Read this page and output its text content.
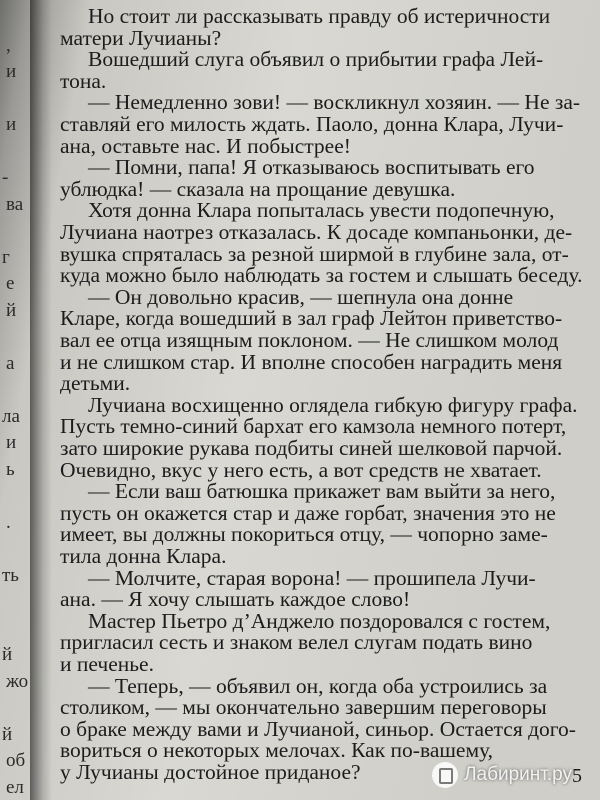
,
и
и
-
ва
г
е
й
а
ла
и
ь
.
ть
й
жо
й
об
ел	5
Но стоит ли рассказывать правду об истеричности
матери Лучианы?
Вошедший слуга объявил о прибытии графа Лей-
тона.
— Немедленно зови! — воскликнул хозяин. — Не за-
ставляй его милость ждать. Паоло, донна Клара, Лучи-
ана, оставьте нас. И побыстрее!
— Помни, папа! Я отказываюсь воспитывать его
ублюдка! — сказала на прощание девушка.
Хотя донна Клара попыталась увести подопечную,
Лучиана наотрез отказалась. К досаде компаньонки, де-
вушка спряталась за резной ширмой в глубине зала, от-
куда можно было наблюдать за гостем и слышать беседу.
— Он довольно красив, — шепнула она донне
Кларе, когда вошедший в зал граф Лейтон приветство-
вал ее отца изящным поклоном. — Не слишком молод
и не слишком стар. И вполне способен наградить меня
детьми.
Лучиана восхищенно оглядела гибкую фигуру графа.
Пусть темно-синий бархат его камзола немного потерт,
зато широкие рукава подбиты синей шелковой парчой.
Очевидно, вкус у него есть, а вот средств не хватает.
— Если ваш батюшка прикажет вам выйти за него,
пусть он окажется стар и даже горбат, значения это не
имеет, вы должны покориться отцу, — чопорно заме-
тила донна Клара.
— Молчите, старая ворона! — прошипела Лучи-
ана. — Я хочу слышать каждое слово!
Мастер Пьетро д’Анджело поздоровался с гостем,
пригласил сесть и знаком велел слугам подать вино
и печенье.
— Теперь, — объявил он, когда оба устроились за
столиком, — мы окончательно завершим переговоры
о браке между вами и Лучианой, синьор. Остается дого-
вориться о некоторых мелочах. Как по-вашему,
у Лучианы достойное приданое?	Лабиринт.ру
